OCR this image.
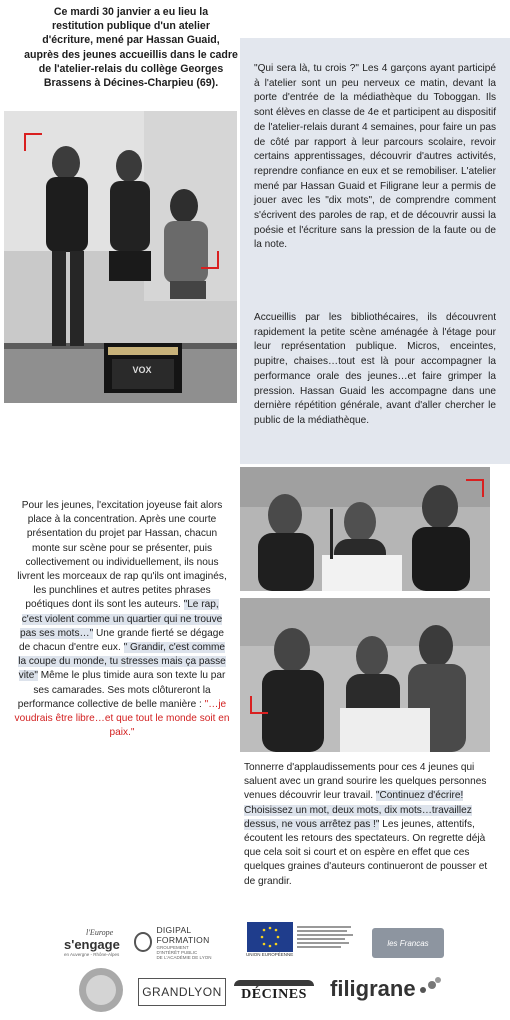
Ce mardi 30 janvier a eu lieu la
restitution publique d'un atelier
d'écriture, mené par Hassan Guaid,
auprès des jeunes accueillis dans le cadre
de l'atelier-relais du collège Georges
Brassens à Décines-Charpieu (69).
"Qui sera là, tu crois ?" Les 4 garçons ayant participé à l'atelier sont un peu nerveux ce matin, devant la porte d'entrée de la médiathèque du Toboggan. Ils sont élèves en classe de 4e et participent au dispositif de l'atelier-relais durant 4 semaines, pour faire un pas de côté par rapport à leur parcours scolaire, revoir certains apprentissages, découvrir d'autres activités, reprendre confiance en eux et se remobiliser. L'atelier mené par Hassan Guaid et Filigrane leur a permis de jouer avec les "dix mots", de comprendre comment s'écrivent des paroles de rap, et de découvrir aussi la poésie et l'écriture sans la pression de la faute ou de la note.
Accueillis par les bibliothécaires, ils découvrent rapidement la petite scène aménagée à l'étage pour leur représentation publique. Micros, enceintes, pupitre, chaises…tout est là pour accompagner la performance orale des jeunes…et faire grimper la pression. Hassan Guaid les accompagne dans une dernière répétition générale, avant d'aller chercher le public de la médiathèque.
VOX
Pour les jeunes, l'excitation joyeuse fait alors place à la concentration. Après une courte présentation du projet par Hassan, chacun monte sur scène pour se présenter, puis collectivement ou individuellement, ils nous livrent les morceaux de rap qu'ils ont imaginés, les punchlines et autres petites phrases poétiques dont ils sont les auteurs. "Le rap, c'est violent comme un quartier qui ne trouve pas ses mots…" Une grande fierté se dégage de chacun d'entre eux. " Grandir, c'est comme la coupe du monde, tu stresses mais ça passe vite" Même le plus timide aura son texte lu par ses camarades. Ses mots clôtureront la performance collective de belle manière : "…je voudrais être libre…et que tout le monde soit en paix."
Tonnerre d'applaudissements pour ces 4 jeunes qui saluent avec un grand sourire les quelques personnes venues découvrir leur travail. "Continuez d'écrire! Choisissez un mot, deux mots, dix mots…travaillez dessus, ne vous arrêtez pas !" Les jeunes, attentifs, écoutent les retours des spectateurs. On regrette déjà que cela soit si court et on espère en effet que ces quelques graines d'auteurs continueront de pousser et de grandir.
l'Europe
s'engage
en Auvergne - Rhône-Alpes
DIGIPAL FORMATION
GROUPEMENT
D'INTÉRÊT PUBLIC
DE L'ACADÉMIE DE LYON	UNION EUROPÉENNE
les Francas
GRANDLYON DÉCINES filigrane
